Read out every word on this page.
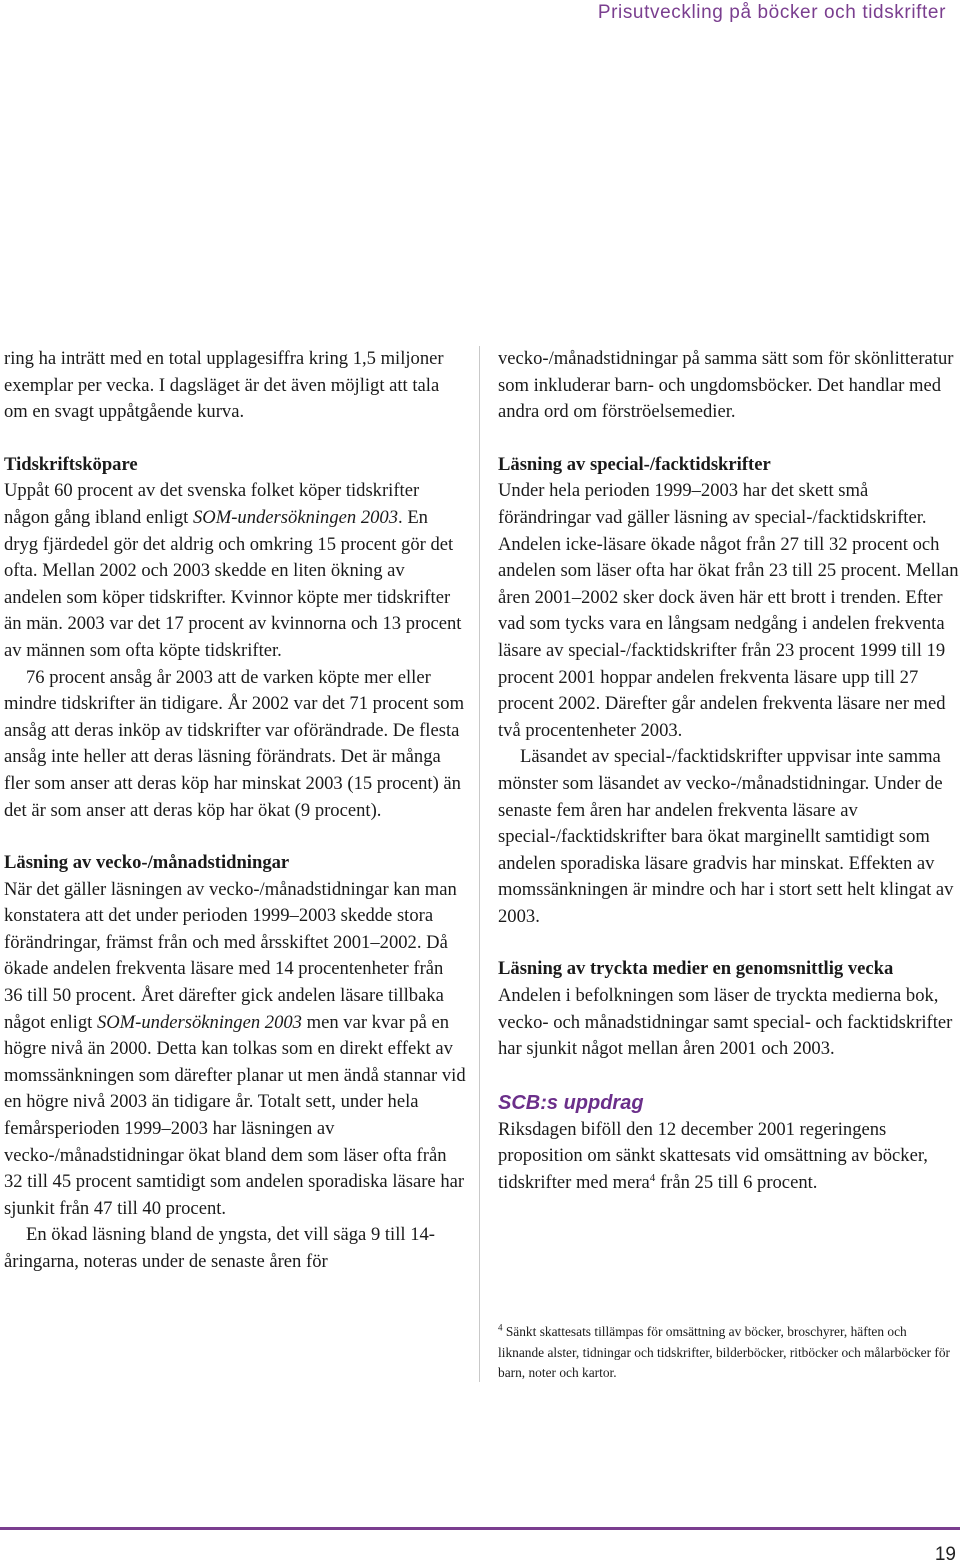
Prisutveckling på böcker och tidskrifter

ring ha inträtt med en total upplagesiffra kring 1,5 miljoner exemplar per vecka. I dagsläget är det även möjligt att tala om en svagt uppåtgående kurva.

Tidskriftsköpare

Uppåt 60 procent av det svenska folket köper tidskrifter någon gång ibland enligt SOM-undersökningen 2003. En dryg fjärdedel gör det aldrig och omkring 15 procent gör det ofta. Mellan 2002 och 2003 skedde en liten ökning av andelen som köper tidskrifter. Kvinnor köpte mer tidskrifter än män. 2003 var det 17 procent av kvinnorna och 13 procent av männen som ofta köpte tidskrifter.

76 procent ansåg år 2003 att de varken köpte mer eller mindre tidskrifter än tidigare. År 2002 var det 71 procent som ansåg att deras inköp av tidskrifter var oförändrade. De flesta ansåg inte heller att deras läsning förändrats. Det är många fler som anser att deras köp har minskat 2003 (15 procent) än det är som anser att deras köp har ökat (9 procent).

Läsning av vecko-/månadstidningar

När det gäller läsningen av vecko-/månadstidningar kan man konstatera att det under perioden 1999–2003 skedde stora förändringar, främst från och med årsskiftet 2001–2002. Då ökade andelen frekventa läsare med 14 procentenheter från 36 till 50 procent. Året därefter gick andelen läsare tillbaka något enligt SOM-undersökningen 2003 men var kvar på en högre nivå än 2000. Detta kan tolkas som en direkt effekt av momssänkningen som därefter planar ut men ändå stannar vid en högre nivå 2003 än tidigare år. Totalt sett, under hela femårsperioden 1999–2003 har läsningen av vecko-/månadstidningar ökat bland dem som läser ofta från 32 till 45 procent samtidigt som andelen sporadiska läsare har sjunkit från 47 till 40 procent.

En ökad läsning bland de yngsta, det vill säga 9 till 14-åringarna, noteras under de senaste åren för

vecko-/månadstidningar på samma sätt som för skönlitteratur som inkluderar barn- och ungdomsböcker. Det handlar med andra ord om förströelsemedier.

Läsning av special-/facktidskrifter

Under hela perioden 1999–2003 har det skett små förändringar vad gäller läsning av special-/facktidskrifter. Andelen icke-läsare ökade något från 27 till 32 procent och andelen som läser ofta har ökat från 23 till 25 procent. Mellan åren 2001–2002 sker dock även här ett brott i trenden. Efter vad som tycks vara en långsam nedgång i andelen frekventa läsare av special-/facktidskrifter från 23 procent 1999 till 19 procent 2001 hoppar andelen frekventa läsare upp till 27 procent 2002. Därefter går andelen frekventa läsare ner med två procentenheter 2003.

Läsandet av special-/facktidskrifter uppvisar inte samma mönster som läsandet av vecko-/månadstidningar. Under de senaste fem åren har andelen frekventa läsare av special-/facktidskrifter bara ökat marginellt samtidigt som andelen sporadiska läsare gradvis har minskat. Effekten av momssänkningen är mindre och har i stort sett helt klingat av 2003.

Läsning av tryckta medier en genomsnittlig vecka

Andelen i befolkningen som läser de tryckta medierna bok, vecko- och månadstidningar samt special- och facktidskrifter har sjunkit något mellan åren 2001 och 2003.

SCB:s uppdrag

Riksdagen biföll den 12 december 2001 regeringens proposition om sänkt skattesats vid omsättning av böcker, tidskrifter med mera$^4$ från 25 till 6 procent.

$^4$ Sänkt skattesats tillämpas för omsättning av böcker, broschyrer, häften och liknande alster, tidningar och tidskrifter, bilderböcker, ritböcker och målarböcker för barn, noter och kartor.
19
